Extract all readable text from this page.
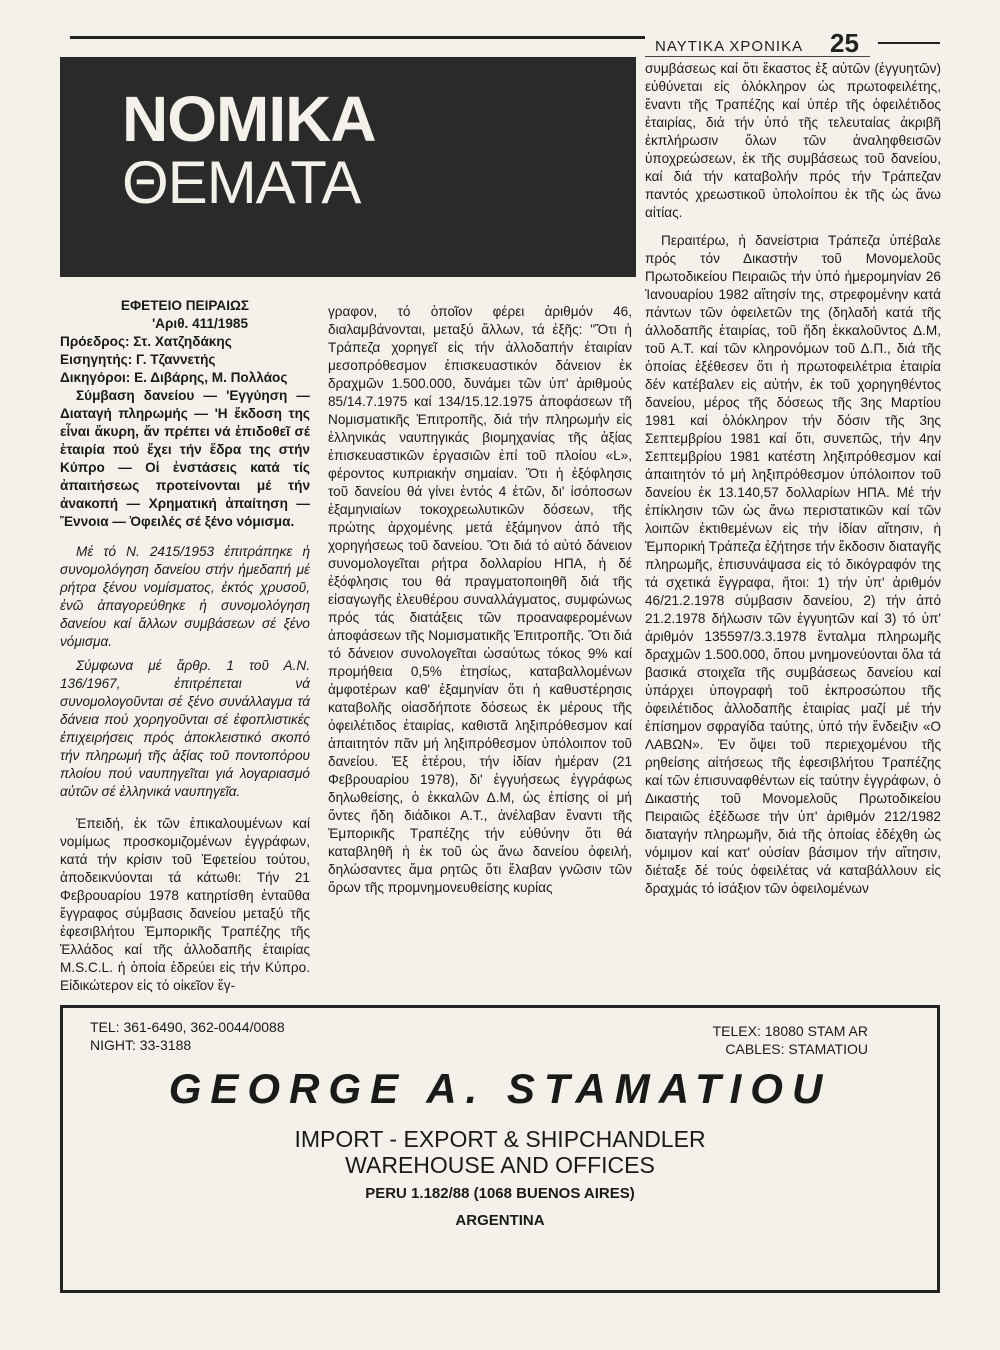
ΝΑΥΤΙΚΑ ΧΡΟΝΙΚΑ 25
ΝΟΜΙΚΑ
ΘΕΜΑΤΑ
ΕΦΕΤΕΙΟ ΠΕΙΡΑΙΩΣ
'Αριθ. 411/1985
Πρόεδρος: Στ. Χατζηδάκης
Εισηγητής: Γ. Τζαννετής
Δικηγόροι: Ε. Διβάρης, Μ. Πολλάος

Σύμβαση δανείου — 'Εγγύηση — Διαταγή πληρωμής — 'Η ἔκδοση της εἶναι ἄκυρη, ἄν πρέπει νά ἐπιδοθεῖ σέ ἑταιρία πού ἔχει τήν ἕδρα της στήν Κύπρο — Οἱ ἐνστάσεις κατά τίς ἀπαιτήσεως προτείνονται μέ τήν ἀνακοπή — Χρηματική ἀπαίτηση — Ἔννοια — Ὀφειλές σέ ξένο νόμισμα.

Μέ τό Ν. 2415/1953 ἐπιτράπηκε ἡ συνομολόγηση δανείου στήν ἡμεδαπή μέ ρήτρα ξένου νομίσματος, ἐκτός χρυσοῦ, ἐνῶ ἀπαγορεύθηκε ἡ συνομολόγηση δανείου καί ἄλλων συμβάσεων σέ ξένο νόμισμα.

Σύμφωνα μέ ἄρθρ. 1 τοῦ Α.Ν. 136/1967, ἐπιτρέπεται νά συνομολογοῦνται σέ ξένο συνάλλαγμα τά δάνεια πού χορηγοῦνται σέ ἐφοπλιστικές ἐπιχειρήσεις πρός ἀποκλειστικό σκοπό τήν πληρωμή τῆς ἀξίας τοῦ ποντοπόρου πλοίου πού ναυπηγεῖται γιά λογαριασμό αὐτῶν σέ ἑλληνικά ναυπηγεῖα.

Ἐπειδή, ἐκ τῶν ἐπικαλουμένων καί νομίμως προσκομιζομένων ἐγγράφων, κατά τήν κρίσιν τοῦ Ἐφετείου τούτου, ἀποδεικνύονται τά κάτωθι: Τήν 21 Φεβρουαρίου 1978 κατηρτίσθη ἐνταῦθα ἔγγραφος σύμβασις δανείου μεταξύ τῆς ἐφεσιβλήτου Ἐμπορικῆς Τραπέζης τῆς Ἑλλάδος καί τῆς ἀλλοδαπῆς ἑταιρίας M.S.C.L. ἡ ὁποία ἑδρεύει εἰς τήν Κύπρο. Εἰδικώτερον εἰς τό οἰκεῖον ἔγ-

γραφον, τό ὁποῖον φέρει ἀριθμόν 46, διαλαμβάνονται, μεταξύ ἄλλων, τά ἑξῆς: "Ὅτι ἡ Τράπεζα χορηγεῖ εἰς τήν ἀλλοδαπήν ἑταιρίαν μεσοπρόθεσμον ἐπισκευαστικόν δάνειον ἐκ δραχμῶν 1.500.000, δυνάμει τῶν ὑπ' ἀριθμούς 85/14.7.1975 καί 134/15.12.1975 ἀποφάσεων τῆ Νομισματικῆς Ἐπιτροπῆς, διά τήν πληρωμήν εἰς ἑλληνικάς ναυπηγικάς βιομηχανίας τῆς ἀξίας ἐπισκευαστικῶν ἐργασιῶν ἐπί τοῦ πλοίου «L», φέροντος κυπριακήν σημαίαν. Ὅτι ἡ ἐξόφλησις τοῦ δανείου θά γίνει ἐντός 4 ἐτῶν, δι' ἰσόποσων ἑξαμηνιαίων τοκοχρεωλυτικῶν δόσεων, τῆς πρώτης ἀρχομένης μετά ἑξάμηνον ἀπό τῆς χορηγήσεως τοῦ δανείου. Ὅτι διά τό αὐτό δάνειον συνομολογεῖται ρήτρα δολλαρίου ΗΠΑ, ἡ δέ ἐξόφλησις του θά πραγματοποιηθῆ διά τῆς εἰσαγωγῆς ἐλευθέρου συναλλάγματος, συμφώνως πρός τάς διατάξεις τῶν προαναφερομένων ἀποφάσεων τῆς Νομισματικῆς Ἐπιτροπῆς. Ὅτι διά τό δάνειον συνολογεῖται ὡσαύτως τόκος 9% καί προμήθεια 0,5% ἐτησίως, καταβαλλομένων ἀμφοτέρων καθ' ἑξαμηνίαν ὅτι ἡ καθυστέρησις καταβολῆς οἱασδήποτε δόσεως ἐκ μέρους τῆς ὀφειλέτιδος ἑταιρίας, καθιστᾶ ληξιπρόθεσμον καί ἀπαιτητόν πᾶν μή ληξιπρόθεσμον ὑπόλοιπον τοῦ δανείου. Ἐξ ἑτέρου, τήν ἰδίαν ἡμέραν (21 Φεβρουαρίου 1978), δι' ἐγγυήσεως ἐγγράφως δηλωθείσης, ὁ ἐκκαλῶν Δ.Μ, ὡς ἐπίσης οἱ μή ὄντες ἤδη διάδικοι Α.Τ., ἀνέλαβαν ἔναντι τῆς Ἐμπορικῆς Τραπέζης τήν εὐθύνην ὅτι θά καταβληθῆ ἡ ἐκ τοῦ ὡς ἄνω δανείου ὀφειλή, δηλώσαντες ἅμα ρητῶς ὅτι ἔλαβαν γνῶσιν τῶν ὅρων τῆς προμνημονευθείσης κυρίας

συμβάσεως καί ὅτι ἕκαστος ἐξ αὐτῶν (ἐγγυητῶν) εὐθύνεται εἰς ὁλόκληρον ὡς πρωτοφειλέτης, ἔναντι τῆς Τραπέζης καί ὑπέρ τῆς ὀφειλέτιδος ἑταιρίας, διά τήν ὑπό τῆς τελευταίας ἀκριβῆ ἐκπλήρωσιν ὅλων τῶν ἀναληφθεισῶν ὑποχρεώσεων, ἐκ τῆς συμβάσεως τοῦ δανείου, καί διά τήν καταβολήν πρός τήν Τράπεζαν παντός χρεωστικοῦ ὑπολοίπου ἐκ τῆς ὡς ἄνω αἰτίας.

Περαιτέρω, ἡ δανείστρια Τράπεζα ὑπέβαλε πρός τόν Δικαστήν τοῦ Μονομελοῦς Πρωτοδικείου Πειραιῶς τήν ὑπό ἡμερομηνίαν 26 Ἰανουαρίου 1982 αἴτησίν της, στρεφομένην κατά πάντων τῶν ὀφειλετῶν της (δηλαδή κατά τῆς ἀλλοδαπῆς ἑταιρίας, τοῦ ἤδη ἐκκαλοῦντος Δ.Μ, τοῦ Α.Τ. καί τῶν κληρονόμων τοῦ Δ.Π., διά τῆς ὁποίας ἐξέθεσεν ὅτι ἡ πρωτοφειλέτρια ἑταιρία δέν κατέβαλεν εἰς αὐτήν, ἐκ τοῦ χορηγηθέντος δανείου, μέρος τῆς δόσεως τῆς 3ης Μαρτίου 1981 καί ὁλόκληρον τήν δόσιν τῆς 3ης Σεπτεμβρίου 1981 καί ὅτι, συνεπῶς, τήν 4ην Σεπτεμβρίου 1981 κατέστη ληξιπρόθεσμον καί ἀπαιτητόν τό μή ληξιπρόθεσμον ὑπόλοιπον τοῦ δανείου ἐκ 13.140,57 δολλαρίων ΗΠΑ. Μέ τήν ἐπίκλησιν τῶν ὡς ἄνω περιστατικῶν καί τῶν λοιπῶν ἐκτιθεμένων εἰς τήν ἰδίαν αἴτησιν, ἡ Ἐμπορική Τράπεζα ἐζήτησε τήν ἔκδοσιν διαταγῆς πληρωμῆς, ἐπισυνάψασα εἰς τό δικόγραφόν της τά σχετικά ἔγγραφα, ἤτοι: 1) τήν ὑπ' ἀριθμόν 46/21.2.1978 σύμβασιν δανείου, 2) τήν ἀπό 21.2.1978 δήλωσιν τῶν ἐγγυητῶν καί 3) τό ὑπ' ἀριθμόν 135597/3.3.1978 ἔνταλμα πληρωμῆς δραχμῶν 1.500.000, ὅπου μνημονεύονται ὅλα τά βασικά στοιχεῖα τῆς συμβάσεως δανείου καί ὑπάρχει ὑπογραφή τοῦ ἐκπροσώπου τῆς ὀφειλέτιδος ἀλλοδαπῆς ἑταιρίας μαζί μέ τήν ἐπίσημον σφραγίδα ταύτης, ὑπό τήν ἔνδειξιν «Ο ΛΑΒΩΝ». Ἐν ὄψει τοῦ περιεχομένου τῆς ρηθείσης αἰτήσεως τῆς ἐφεσιβλήτου Τραπέζης καί τῶν ἐπισυναφθέντων εἰς ταύτην ἐγγράφων, ὁ Δικαστής τοῦ Μονομελοῦς Πρωτοδικείου Πειραιῶς ἐξέδωσε τήν ὑπ' ἀριθμόν 212/1982 διαταγήν πληρωμῆν, διά τῆς ὁποίας ἐδέχθη ὡς νόμιμον καί κατ' οὐσίαν βάσιμον τήν αἴτησιν, διέταξε δέ τούς ὀφειλέτας νά καταβάλλουν εἰς δραχμάς τό ἰσάξιον τῶν ὀφειλομένων

TEL: 361-6490, 362-0044/0088
NIGHT: 33-3188
TELEX: 18080 STAM AR
CABLES: STAMATIOU
GEORGE A. STAMATIOU
IMPORT - EXPORT & SHIPCHANDLER
WAREHOUSE AND OFFICES
PERU 1.182/88 (1068 BUENOS AIRES)
ARGENTINA
